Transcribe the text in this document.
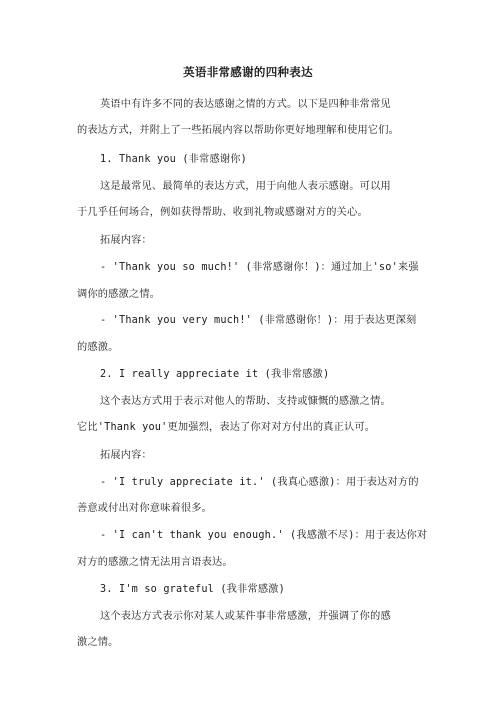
英语非常感谢的四种表达
英语中有许多不同的表达感谢之情的方式。以下是四种非常常见
的表达方式，并附上了一些拓展内容以帮助你更好地理解和使用它们。
1. Thank you (非常感谢你)
这是最常见、最简单的表达方式，用于向他人表示感谢。可以用
于几乎任何场合，例如获得帮助、收到礼物或感谢对方的关心。
拓展内容：
- 'Thank you so much!' (非常感谢你！)：通过加上'so'来强
调你的感激之情。
- 'Thank you very much!' (非常感谢你！)：用于表达更深刻
的感激。
2. I really appreciate it (我非常感激)
这个表达方式用于表示对他人的帮助、支持或慷慨的感激之情。
它比'Thank you'更加强烈，表达了你对对方付出的真正认可。
拓展内容：
- 'I truly appreciate it.' (我真心感激)：用于表达对方的
善意或付出对你意味着很多。
- 'I can't thank you enough.' (我感激不尽)：用于表达你对
对方的感激之情无法用言语表达。
3. I'm so grateful (我非常感激)
这个表达方式表示你对某人或某件事非常感激，并强调了你的感
激之情。
